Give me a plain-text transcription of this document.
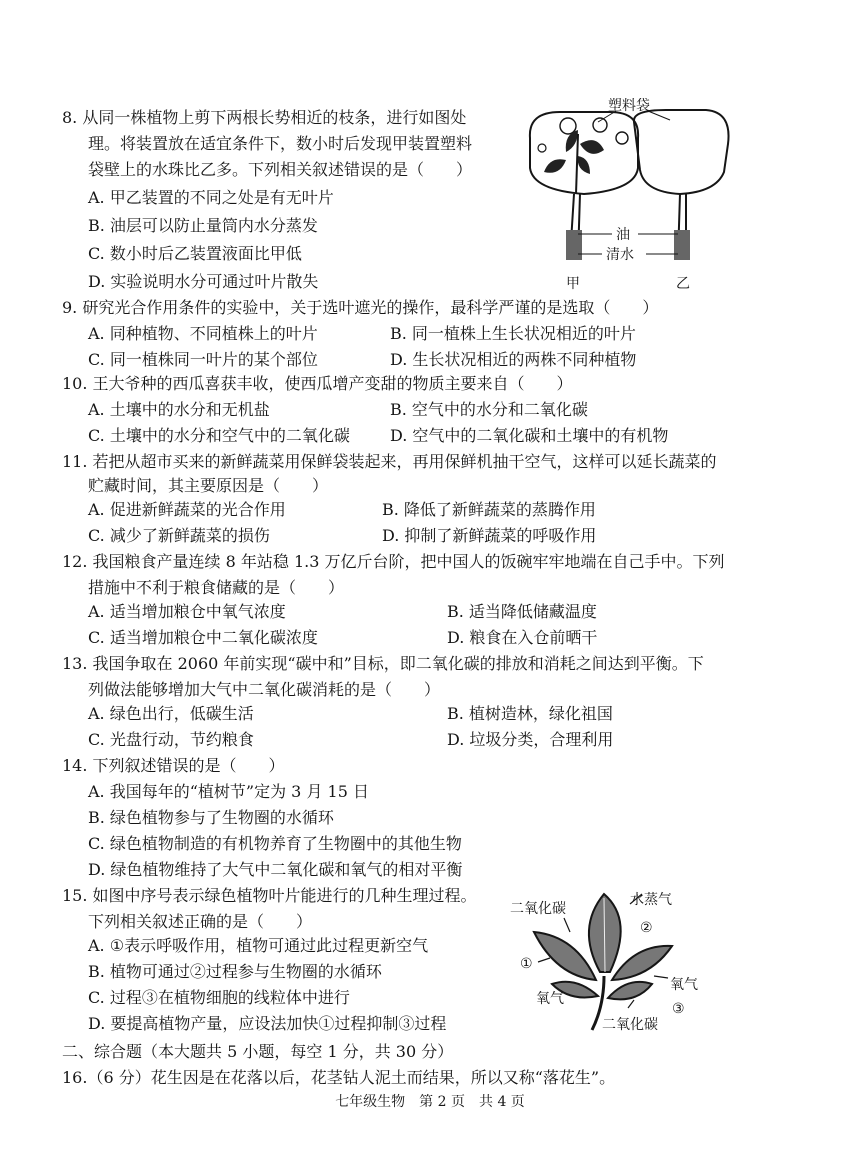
8. 从同一株植物上剪下两根长势相近的枝条，进行如图处
理。将装置放在适宜条件下，数小时后发现甲装置塑料
袋壁上的水珠比乙多。下列相关叙述错误的是（　　）
A. 甲乙装置的不同之处是有无叶片
B. 油层可以防止量筒内水分蒸发
C. 数小时后乙装置液面比甲低
D. 实验说明水分可通过叶片散失
塑料袋
油
清水
甲	乙
9. 研究光合作用条件的实验中，关于选叶遮光的操作，最科学严谨的是选取（　　）
A. 同种植物、不同植株上的叶片	B. 同一植株上生长状况相近的叶片
C. 同一植株同一叶片的某个部位	D. 生长状况相近的两株不同种植物
10. 王大爷种的西瓜喜获丰收，使西瓜增产变甜的物质主要来自（　　）
A. 土壤中的水分和无机盐	B. 空气中的水分和二氧化碳
C. 土壤中的水分和空气中的二氧化碳	D. 空气中的二氧化碳和土壤中的有机物
11. 若把从超市买来的新鲜蔬菜用保鲜袋装起来，再用保鲜机抽干空气，这样可以延长蔬菜的
贮藏时间，其主要原因是（　　）
A. 促进新鲜蔬菜的光合作用	B. 降低了新鲜蔬菜的蒸腾作用
C. 减少了新鲜蔬菜的损伤	D. 抑制了新鲜蔬菜的呼吸作用
12. 我国粮食产量连续 8 年站稳 1.3 万亿斤台阶，把中国人的饭碗牢牢地端在自己手中。下列
措施中不利于粮食储藏的是（　　）
A. 适当增加粮仓中氧气浓度	B. 适当降低储藏温度
C. 适当增加粮仓中二氧化碳浓度	D. 粮食在入仓前晒干
13. 我国争取在 2060 年前实现“碳中和”目标，即二氧化碳的排放和消耗之间达到平衡。下
列做法能够增加大气中二氧化碳消耗的是（　　）
A. 绿色出行，低碳生活	B. 植树造林，绿化祖国
C. 光盘行动，节约粮食	D. 垃圾分类，合理利用
14. 下列叙述错误的是（　　）
A. 我国每年的“植树节”定为 3 月 15 日
B. 绿色植物参与了生物圈的水循环
C. 绿色植物制造的有机物养育了生物圈中的其他生物
D. 绿色植物维持了大气中二氧化碳和氧气的相对平衡
15. 如图中序号表示绿色植物叶片能进行的几种生理过程。
下列相关叙述正确的是（　　）
A. ①表示呼吸作用，植物可通过此过程更新空气
B. 植物可通过②过程参与生物圈的水循环
C. 过程③在植物细胞的线粒体中进行
D. 要提高植物产量，应设法加快①过程抑制③过程
二氧化碳
水蒸气
②
①
氧气
氧气
③
二氧化碳
二、综合题（本大题共 5 小题，每空 1 分，共 30 分）
16.（6 分）花生因是在花落以后，花茎钻人泥土而结果，所以又称“落花生”。
七年级生物　第 2 页　共 4 页
